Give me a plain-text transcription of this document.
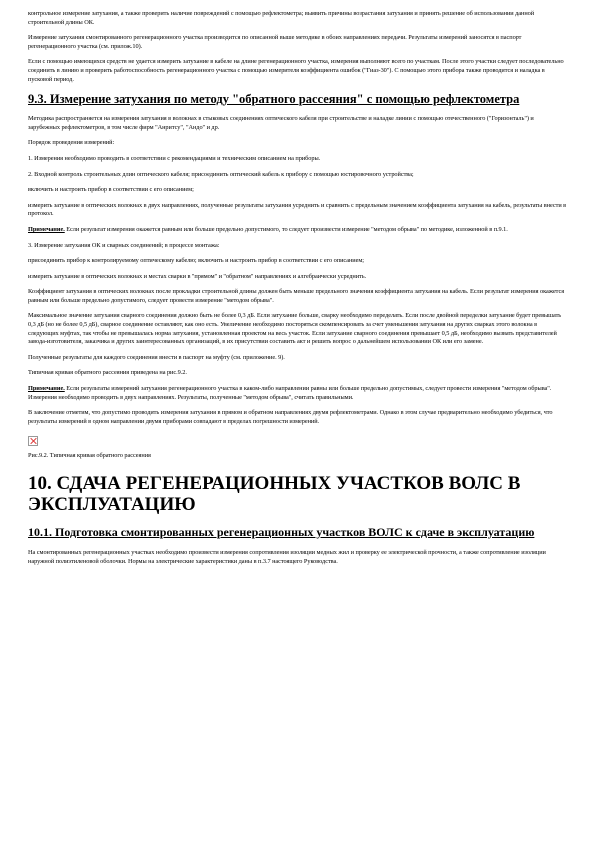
контрольное измерение затухания, а также проверить наличие повреждений с помощью рефлектометра; выявить причины возрастания затухания и принять решение об использовании данной строительной длины ОК.

Измерение затухания смонтированного регенерационного участка производится по описанной выше методике в обоих направлениях передачи. Результаты измерений заносятся в паспорт регенерационного участка (см. прилож.10).

Если с помощью имеющихся средств не удается измерить затухание в кабеле на длине регенерационного участка, измерения выполняют всего по участкам. После этого участки следует последовательно соединить в линию и проверить работоспособность регенерационного участка с помощью измерителя коэффициента ошибок ("Гиаз-30"). С помощью этого прибора также проводится и наладка в пусковой период.

9.3. Измерение затухания по методу "обратного рассеяния" с помощью рефлектометра

Методика распространяется на измерения затухания в волокнах в стыковых соединениях оптического кабеля при строительстве и наладке линии с помощью отечественного ("Горизонталь") и зарубежных рефлектометров, в том числе фирм "Анритсу", "Андо" и др.

Порядок проведения измерений:

1. Измерения необходимо проводить в соответствии с рекомендациями и техническим описанием на приборы.

2. Входной контроль строительных длин оптического кабеля; присоединить оптический кабель к прибору с помощью юстировочного устройства;

включить и настроить прибор в соответствии с его описанием;

измерить затухание в оптических волокнах в двух направлениях, полученные результаты затухания усреднить и сравнить с предельным значением коэффициента затухания на кабель, результаты внести в протокол.

Примечание. Если результат измерения окажется равным или больше предельно допустимого, то следует произвести измерение "методом обрыва" по методике, изложенной в п.9.1.

3. Измерение затухания ОК и сварных соединений; в процессе монтажа:

присоединить прибор к контролируемому оптическому кабелю; включить и настроить прибор в соответствии с его описанием;

измерить затухание в оптических волокнах и местах сварки в "прямом" и "обратном" направлениях и алгебраически усреднить.

Коэффициент затухания в оптических волокнах после прокладки строительной длины должен быть меньше предельного значения коэффициента затухания на кабель. Если результат измерения окажется равным или больше предельно допустимого, следует провести измерение "методом обрыва".

Максимальное значение затухания сварного соединения должно быть не более 0,3 дБ. Если затухание больше, сварку необходимо переделать. Если после двойной переделки затухание будет превышать 0,3 дБ (но не более 0,5 дБ), сварное соединение оставляют, как оно есть. Увеличение необходимо посторяться скомпенсировать за счет уменьшения затухания на других сварках этого волокна в следующих муфтах, так чтобы не превышалась норма затухания, установленная проектом на весь участок. Если затухание сварного соединения превышает 0,5 дБ, необходимо вызвать представителей завода-изготовителя, заказчика и других заинтересованных организаций, в их присутствии составить акт и решить вопрос о дальнейшем использовании ОК или его замене.

Полученные результаты для каждого соединения внести в паспорт на муфту (см. приложение. 9).

Типичная кривая обратного рассеяния приведена на рис.9.2.

Примечание. Если результаты измерений затухания регенерационного участка в каком-либо направлении равны или больше предельно допустимых, следует провести измерения "методом обрыва". Измерения необходимо проводить в двух направлениях. Результаты, полученные "методом обрыва", считать правильными.

В заключение отметим, что допустимо проводить измерения затухания в прямом и обратном направлениях двумя рефлектометрами. Однако в этом случае предварительно необходимо убедиться, что результаты измерений в одном направлении двумя приборами совпадают в пределах погрешности измерений.

Рис.9.2. Типичная кривая обратного рассеяния

10. СДАЧА РЕГЕНЕРАЦИОННЫХ УЧАСТКОВ ВОЛС В ЭКСПЛУАТАЦИЮ
10.1. Подготовка смонтированных регенерационных участков ВОЛС к сдаче в эксплуатацию

На смонтированных регенерационных участках необходимо произвести измерения сопротивления изоляции медных жил и проверку ее электрической прочности, а также сопротивление изоляции наружной полиэтиленовой оболочки. Нормы на электрические характеристики даны в п.3.7 настоящего Руководства.
